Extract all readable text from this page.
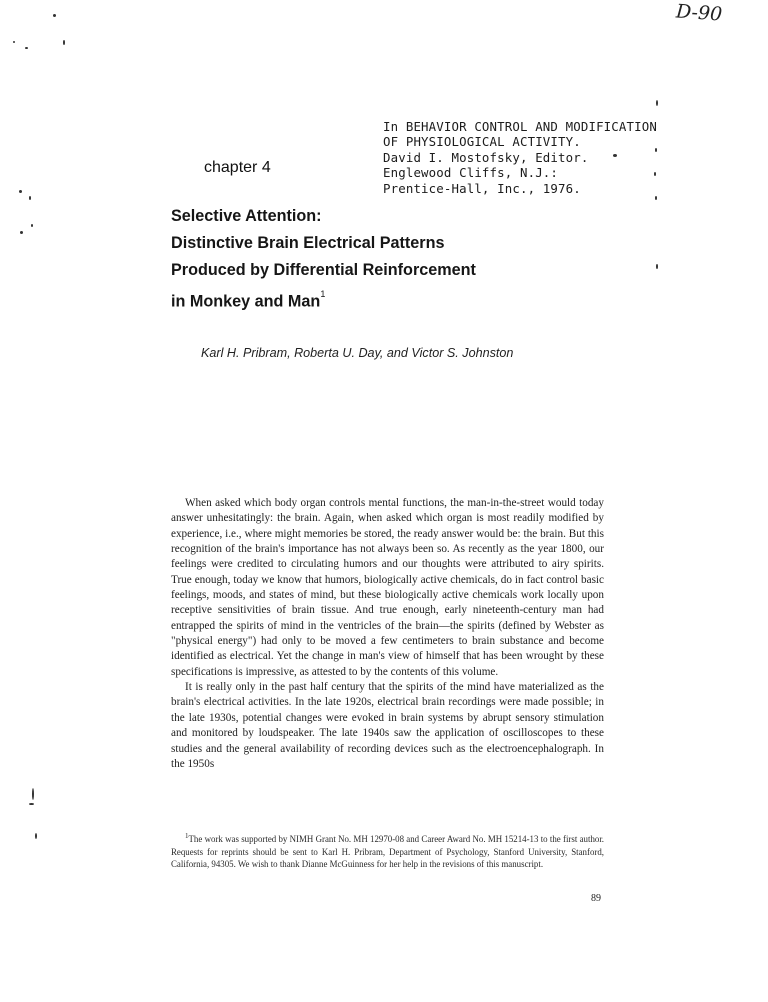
D-90
In BEHAVIOR CONTROL AND MODIFICATION
OF PHYSIOLOGICAL ACTIVITY.
David I. Mostofsky, Editor.
Englewood Cliffs, N.J.:
Prentice-Hall, Inc., 1976.
chapter 4
Selective Attention:
Distinctive Brain Electrical Patterns
Produced by Differential Reinforcement
in Monkey and Man$^1$
Karl H. Pribram, Roberta U. Day, and Victor S. Johnston

When asked which body organ controls mental functions, the man-in-the-street would today answer unhesitatingly: the brain. Again, when asked which organ is most readily modified by experience, i.e., where might memories be stored, the ready answer would be: the brain. But this recognition of the brain's importance has not always been so. As recently as the year 1800, our feelings were credited to circulating humors and our thoughts were attributed to airy spirits. True enough, today we know that humors, biologically active chemicals, do in fact control basic feelings, moods, and states of mind, but these biologically active chemicals work locally upon receptive sensitivities of brain tissue. And true enough, early nineteenth-century man had entrapped the spirits of mind in the ventricles of the brain—the spirits (defined by Webster as "physical energy") had only to be moved a few centimeters to brain substance and become identified as electrical. Yet the change in man's view of himself that has been wrought by these specifications is impressive, as attested to by the contents of this volume.

It is really only in the past half century that the spirits of the mind have materialized as the brain's electrical activities. In the late 1920s, electrical brain recordings were made possible; in the late 1930s, potential changes were evoked in brain systems by abrupt sensory stimulation and monitored by loudspeaker. The late 1940s saw the application of oscilloscopes to these studies and the general availability of recording devices such as the electroencephalograph. In the 1950s

$^1$The work was supported by NIMH Grant No. MH 12970-08 and Career Award No. MH 15214-13 to the first author. Requests for reprints should be sent to Karl H. Pribram, Department of Psychology, Stanford University, Stanford, California, 94305. We wish to thank Dianne McGuinness for her help in the revisions of this manuscript.
89
